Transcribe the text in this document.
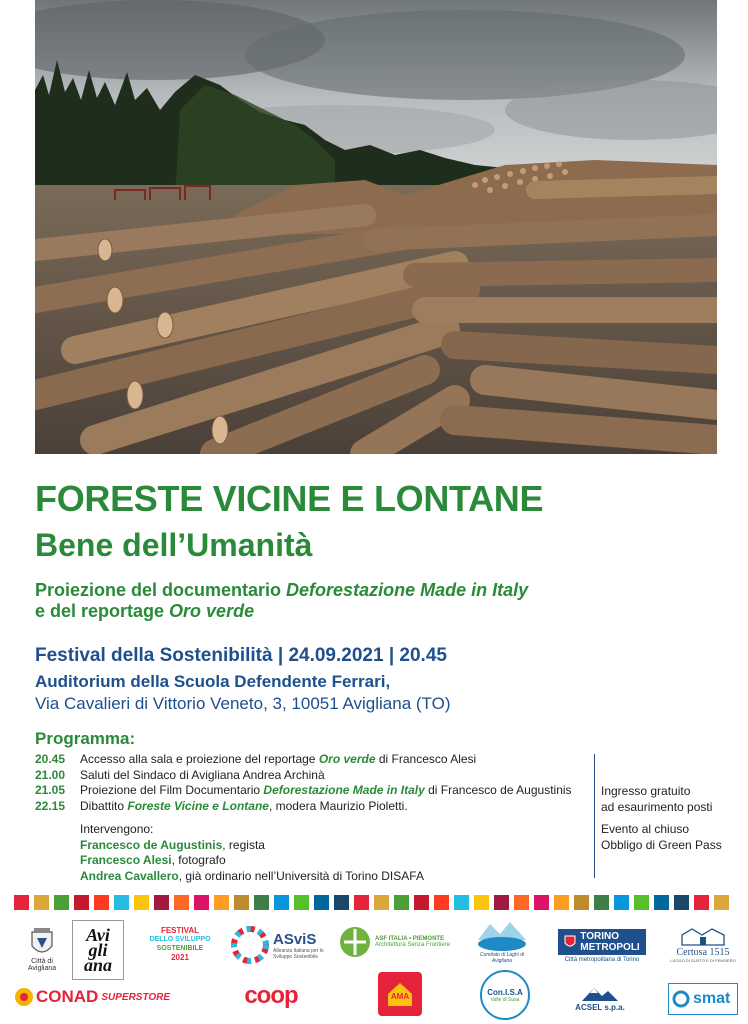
FORESTE VICINE E LONTANE
Bene dell’Umanità
Proiezione del documentario Deforestazione Made in Italy
e del reportage Oro verde
Festival della Sostenibilità | 24.09.2021 | 20.45
Auditorium della Scuola Defendente Ferrari,
Via Cavalieri di Vittorio Veneto, 3, 10051 Avigliana (TO)
Programma:
20.45	Accesso alla sala e proiezione del reportage Oro verde di Francesco Alesi
21.00	Saluti del Sindaco di Avigliana Andrea Archinà
21.05	Proiezione del Film Documentario Deforestazione Made in Italy di Francesco de Augustinis
22.15	Dibattito Foreste Vicine e Lontane, modera Maurizio Pioletti.
Intervengono:
Francesco de Augustinis, regista
Francesco Alesi, fotografo
Andrea Cavallero, già ordinario nell’Università di Torino DISAFA
Ingresso gratuito
ad esaurimento posti
Evento al chiuso
Obbligo di Green Pass
Città di Avigliana
Avi gli ana
FESTIVAL
DELLO SVILUPPO
SOSTENIBILE
2021
ASviS
Alleanza Italiana per lo Sviluppo Sostenibile
ASF ITALIA • PIEMONTE
Architettura Senza Frontiere
Comitato di Laghi di Avigliana
TORINO
METROPOLI
Città metropolitana di Torino
Certosa 1515
LUOGO DI GUSTO E DI PENSIERO
CONAD SUPERSTORE	coop	AMA	Con.I.S.A
Valle di Susa
ACSEL s.p.a.	smat
